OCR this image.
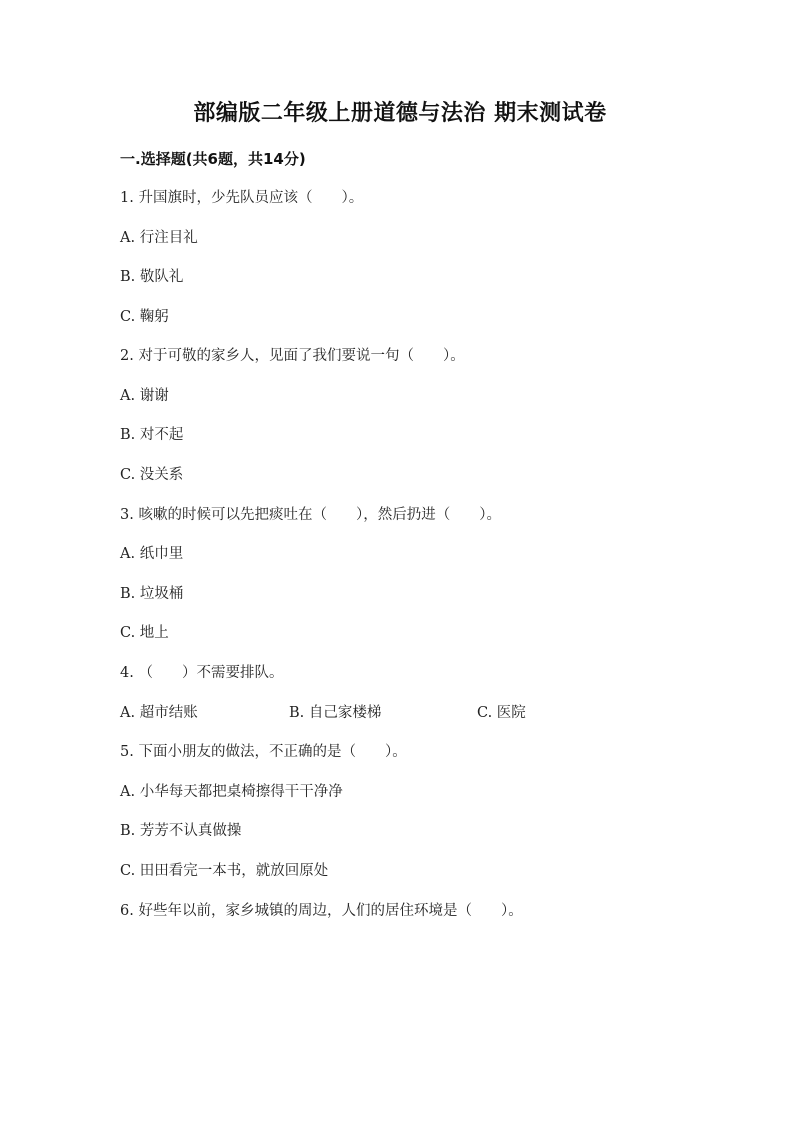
部编版二年级上册道德与法治 期末测试卷
一.选择题(共6题，共14分)
1. 升国旗时，少先队员应该（　　）。
A. 行注目礼
B. 敬队礼
C. 鞠躬
2. 对于可敬的家乡人，见面了我们要说一句（　　）。
A. 谢谢
B. 对不起
C. 没关系
3. 咳嗽的时候可以先把痰吐在（　　），然后扔进（　　）。
A. 纸巾里
B. 垃圾桶
C. 地上
4. （　　）不需要排队。
A. 超市结账	B. 自己家楼梯	C. 医院
5. 下面小朋友的做法，不正确的是（　　）。
A. 小华每天都把桌椅擦得干干净净
B. 芳芳不认真做操
C. 田田看完一本书，就放回原处
6. 好些年以前，家乡城镇的周边，人们的居住环境是（　　）。
